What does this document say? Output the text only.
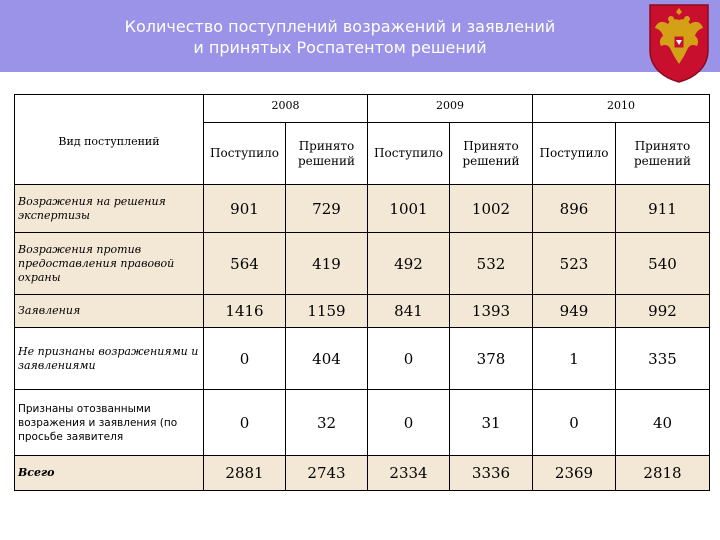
Количество поступлений возражений и заявлений
и принятых Роспатентом решений
Вид поступлений	2008		2009		2010	
	Поступило	Принято решений	Поступило	Принято решений	Поступило	Принято решений
Возражения на решения экспертизы	901	729	1001	1002	896	911
Возражения против предоставления правовой охраны	564	419	492	532	523	540
Заявления	1416	1159	841	1393	949	992
Не признаны возражениями и заявлениями	0	404	0	378	1	335
Признаны отозванными возражения и заявления (по просьбе заявителя	0	32	0	31	0	40
Всего	2881	2743	2334	3336	2369	2818
